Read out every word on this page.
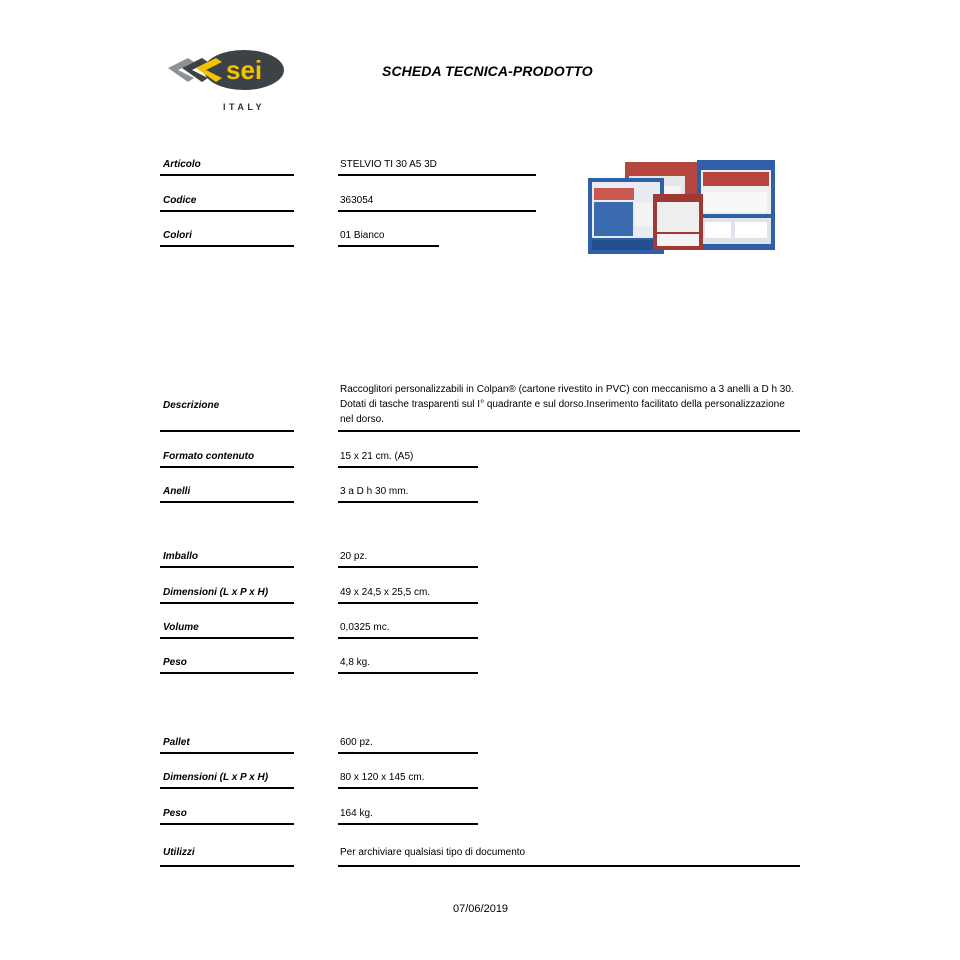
sei
ITALY
SCHEDA TECNICA-PRODOTTO
Articolo	STELVIO TI 30 A5 3D
Codice	363054
Colori	01 Bianco
Descrizione
Raccoglitori personalizzabili in Colpan® (cartone rivestito in PVC) con meccanismo a 3 anelli a D h 30. Dotati di tasche trasparenti sul I° quadrante e sul dorso.Inserimento facilitato della personalizzazione nel dorso.
Formato contenuto	15 x 21 cm. (A5)
Anelli	3 a D h 30 mm.
Imballo	20 pz.
Dimensioni (L x P x H)	49 x 24,5 x 25,5 cm.
Volume	0,0325 mc.
Peso	4,8 kg.
Pallet	600 pz.
Dimensioni (L x P x H)	80 x 120 x 145 cm.
Peso	164 kg.
Utilizzi	Per archiviare qualsiasi tipo di documento
07/06/2019
